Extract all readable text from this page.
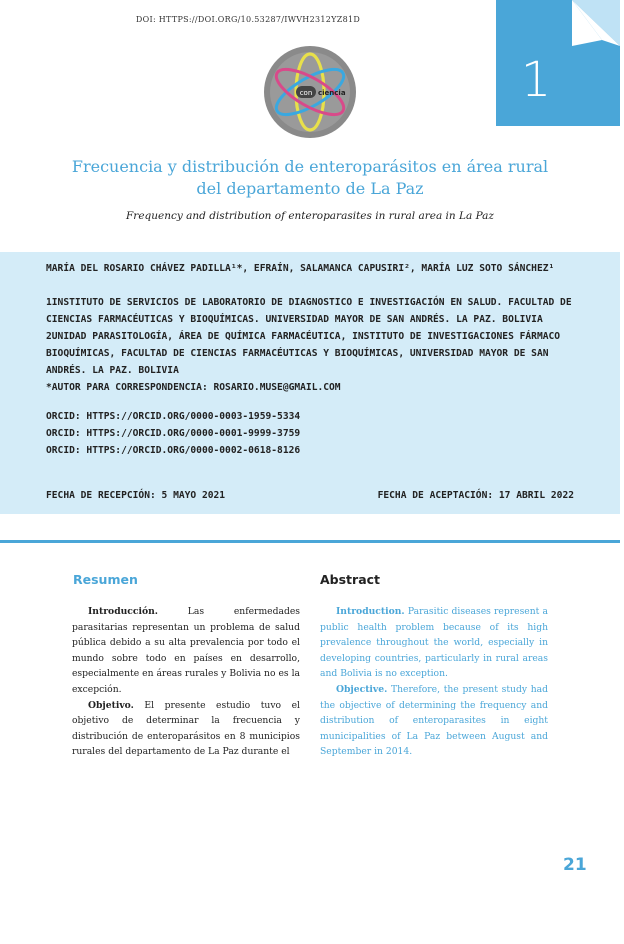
DOI: HTTPS://DOI.ORG/10.53287/IWVH2312YZ81D
1
con ciencia
Frecuencia y distribución de enteroparásitos en área rural del departamento de La Paz
Frequency and distribution of enteroparasites in rural area in La Paz

MARÍA DEL ROSARIO CHÁVEZ PADILLA¹*, EFRAÍN, SALAMANCA CAPUSIRI², MARÍA LUZ SOTO SÁNCHEZ¹

1INSTITUTO DE SERVICIOS DE LABORATORIO DE DIAGNOSTICO E INVESTIGACIÓN EN SALUD. FACULTAD DE CIENCIAS FARMACÉUTICAS Y BIOQUÍMICAS. UNIVERSIDAD MAYOR DE SAN ANDRÉS. LA PAZ. BOLIVIA

2UNIDAD PARASITOLOGÍA, ÁREA DE QUÍMICA FARMACÉUTICA, INSTITUTO DE INVESTIGACIONES FÁRMACO BIOQUÍMICAS, FACULTAD DE CIENCIAS FARMACÉUTICAS Y BIOQUÍMICAS, UNIVERSIDAD MAYOR DE SAN ANDRÉS. LA PAZ. BOLIVIA

*AUTOR PARA CORRESPONDENCIA: ROSARIO.MUSE@GMAIL.COM

ORCID: HTTPS://ORCID.ORG/0000-0003-1959-5334

ORCID: HTTPS://ORCID.ORG/0000-0001-9999-3759

ORCID: HTTPS://ORCID.ORG/0000-0002-0618-8126

FECHA DE RECEPCIÓN: 5 MAYO 2021	FECHA DE ACEPTACIÓN: 17 ABRIL 2022
Resumen	Abstract

Introducción. Las enfermedades parasitarias representan un problema de salud pública debido a su alta prevalencia por todo el mundo sobre todo en países en desarrollo, especialmente en áreas rurales y Bolivia no es la excepción.

Objetivo. El presente estudio tuvo el objetivo de determinar la frecuencia y distribución de enteroparásitos en 8 municipios rurales del departamento de La Paz durante el

Introduction. Parasitic diseases represent a public health problem because of its high prevalence throughout the world, especially in developing countries, particularly in rural areas and Bolivia is no exception.

Objective. Therefore, the present study had the objective of determining the frequency and distribution of enteroparasites in eight municipalities of La Paz between August and September in 2014.

21
